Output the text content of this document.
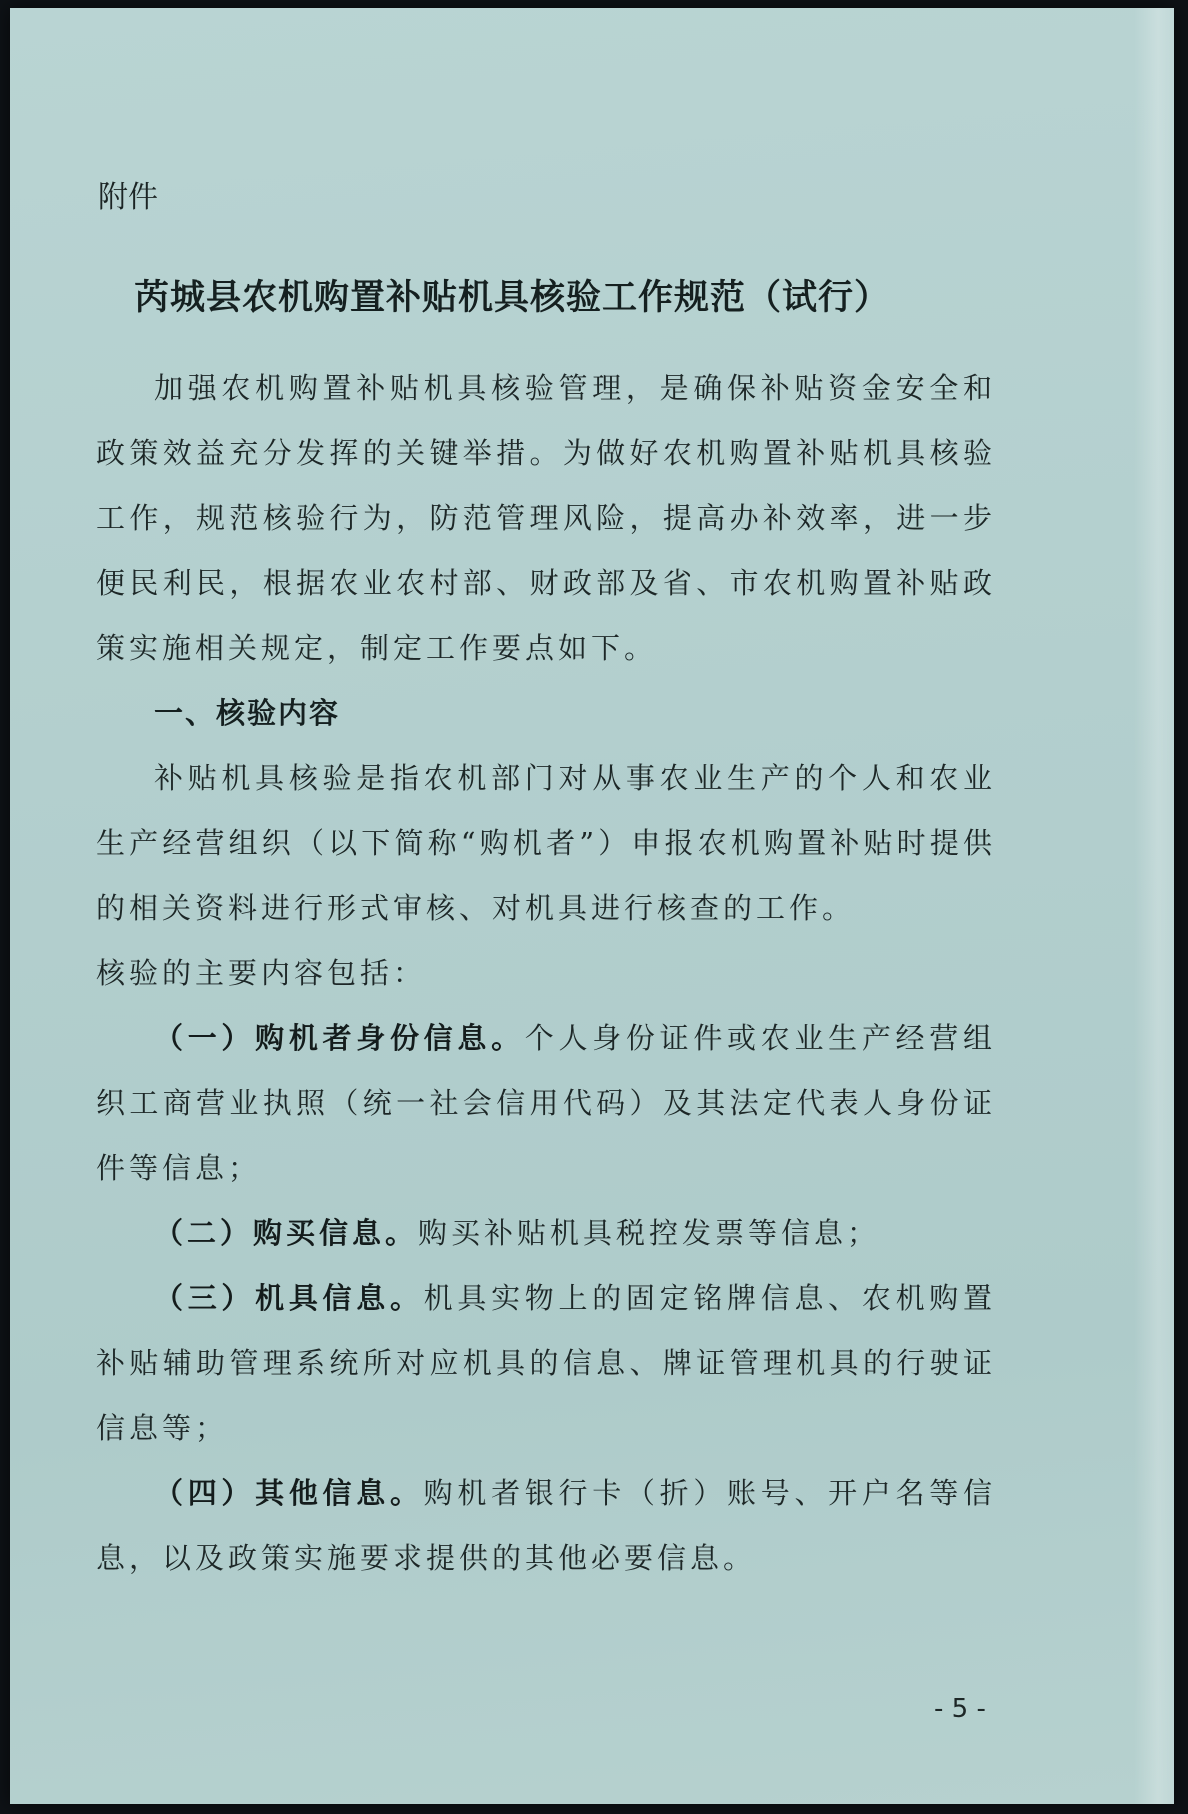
附件

芮城县农机购置补贴机具核验工作规范（试行）

加强农机购置补贴机具核验管理，是确保补贴资金安全和政策效益充分发挥的关键举措。为做好农机购置补贴机具核验工作，规范核验行为，防范管理风险，提高办补效率，进一步便民利民，根据农业农村部、财政部及省、市农机购置补贴政策实施相关规定，制定工作要点如下。

一、核验内容

补贴机具核验是指农机部门对从事农业生产的个人和农业生产经营组织（以下简称“购机者”）申报农机购置补贴时提供的相关资料进行形式审核、对机具进行核查的工作。

核验的主要内容包括：

（一）购机者身份信息。个人身份证件或农业生产经营组织工商营业执照（统一社会信用代码）及其法定代表人身份证件等信息；

（二）购买信息。购买补贴机具税控发票等信息；

（三）机具信息。机具实物上的固定铭牌信息、农机购置补贴辅助管理系统所对应机具的信息、牌证管理机具的行驶证信息等；

（四）其他信息。购机者银行卡（折）账号、开户名等信息，以及政策实施要求提供的其他必要信息。

- 5 -
